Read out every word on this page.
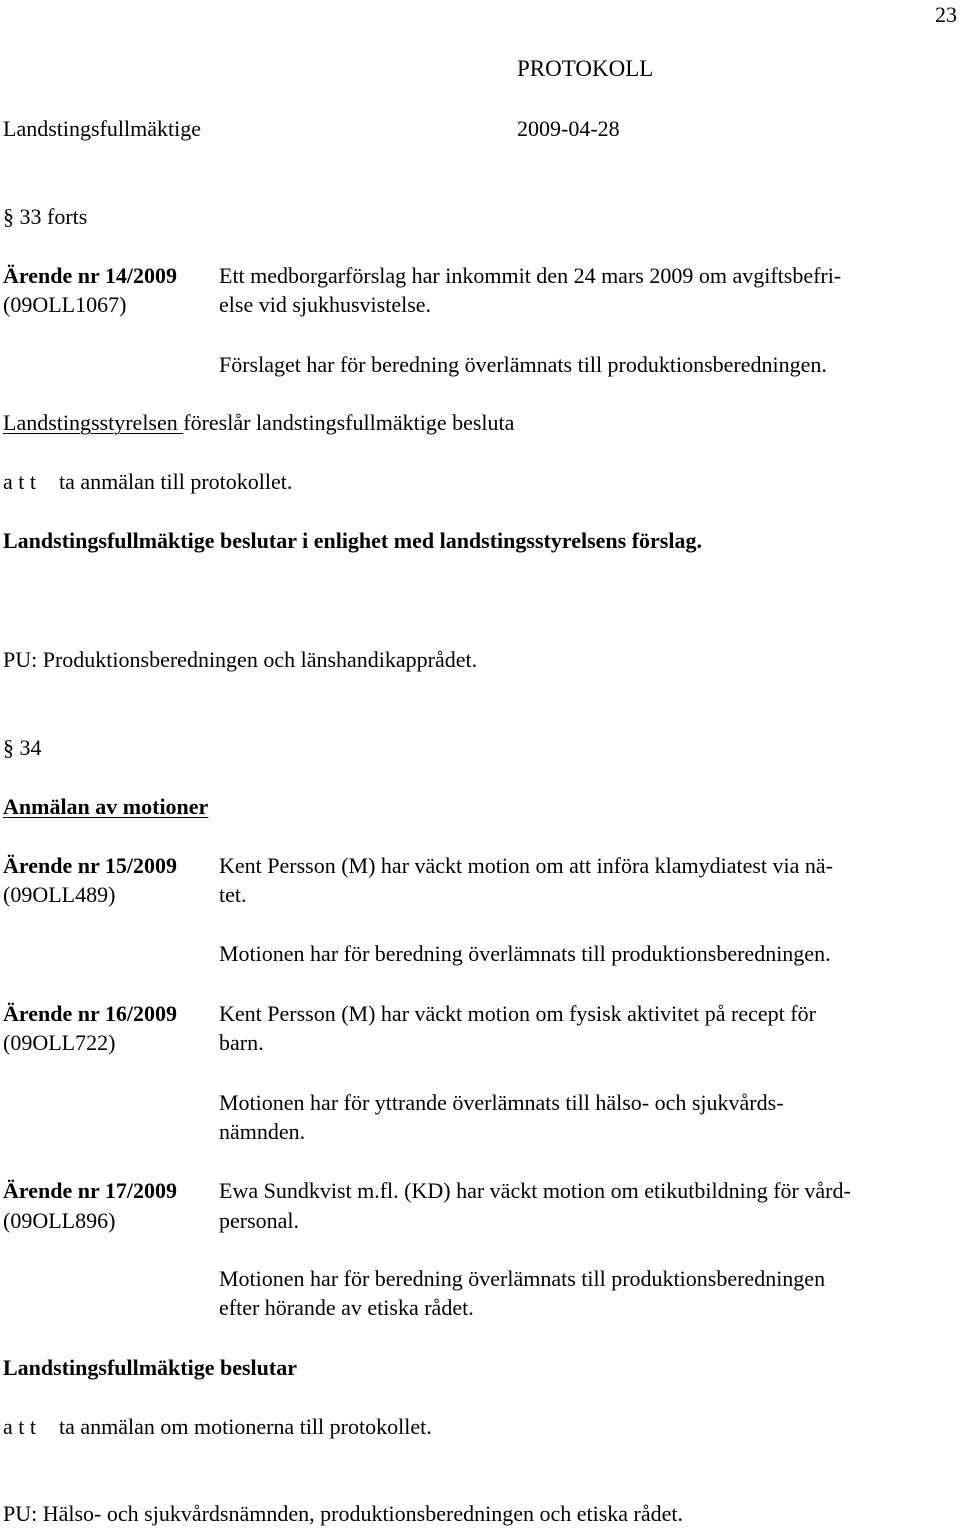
23
PROTOKOLL
Landstingsfullmäktige	2009-04-28
§ 33 forts
Ärende nr 14/2009
(09OLL1067)
Ett medborgarförslag har inkommit den 24 mars 2009 om avgiftsbefri-
else vid sjukhusvistelse.
Förslaget har för beredning överlämnats till produktionsberedningen.
Landstingsstyrelsen föreslår landstingsfullmäktige besluta
a t t ta anmälan till protokollet.
Landstingsfullmäktige beslutar i enlighet med landstingsstyrelsens förslag.
PU: Produktionsberedningen och länshandikapprådet.
§ 34
Anmälan av motioner
Ärende nr 15/2009
(09OLL489)
Kent Persson (M) har väckt motion om att införa klamydiatest via nä-
tet.
Motionen har för beredning överlämnats till produktionsberedningen.
Ärende nr 16/2009
(09OLL722)
Kent Persson (M) har väckt motion om fysisk aktivitet på recept för
barn.
Motionen har för yttrande överlämnats till hälso- och sjukvårds-
nämnden.
Ärende nr 17/2009
(09OLL896)
Ewa Sundkvist m.fl. (KD) har väckt motion om etikutbildning för vård-
personal.
Motionen har för beredning överlämnats till produktionsberedningen
efter hörande av etiska rådet.
Landstingsfullmäktige beslutar
a t t ta anmälan om motionerna till protokollet.
PU: Hälso- och sjukvårdsnämnden, produktionsberedningen och etiska rådet.
